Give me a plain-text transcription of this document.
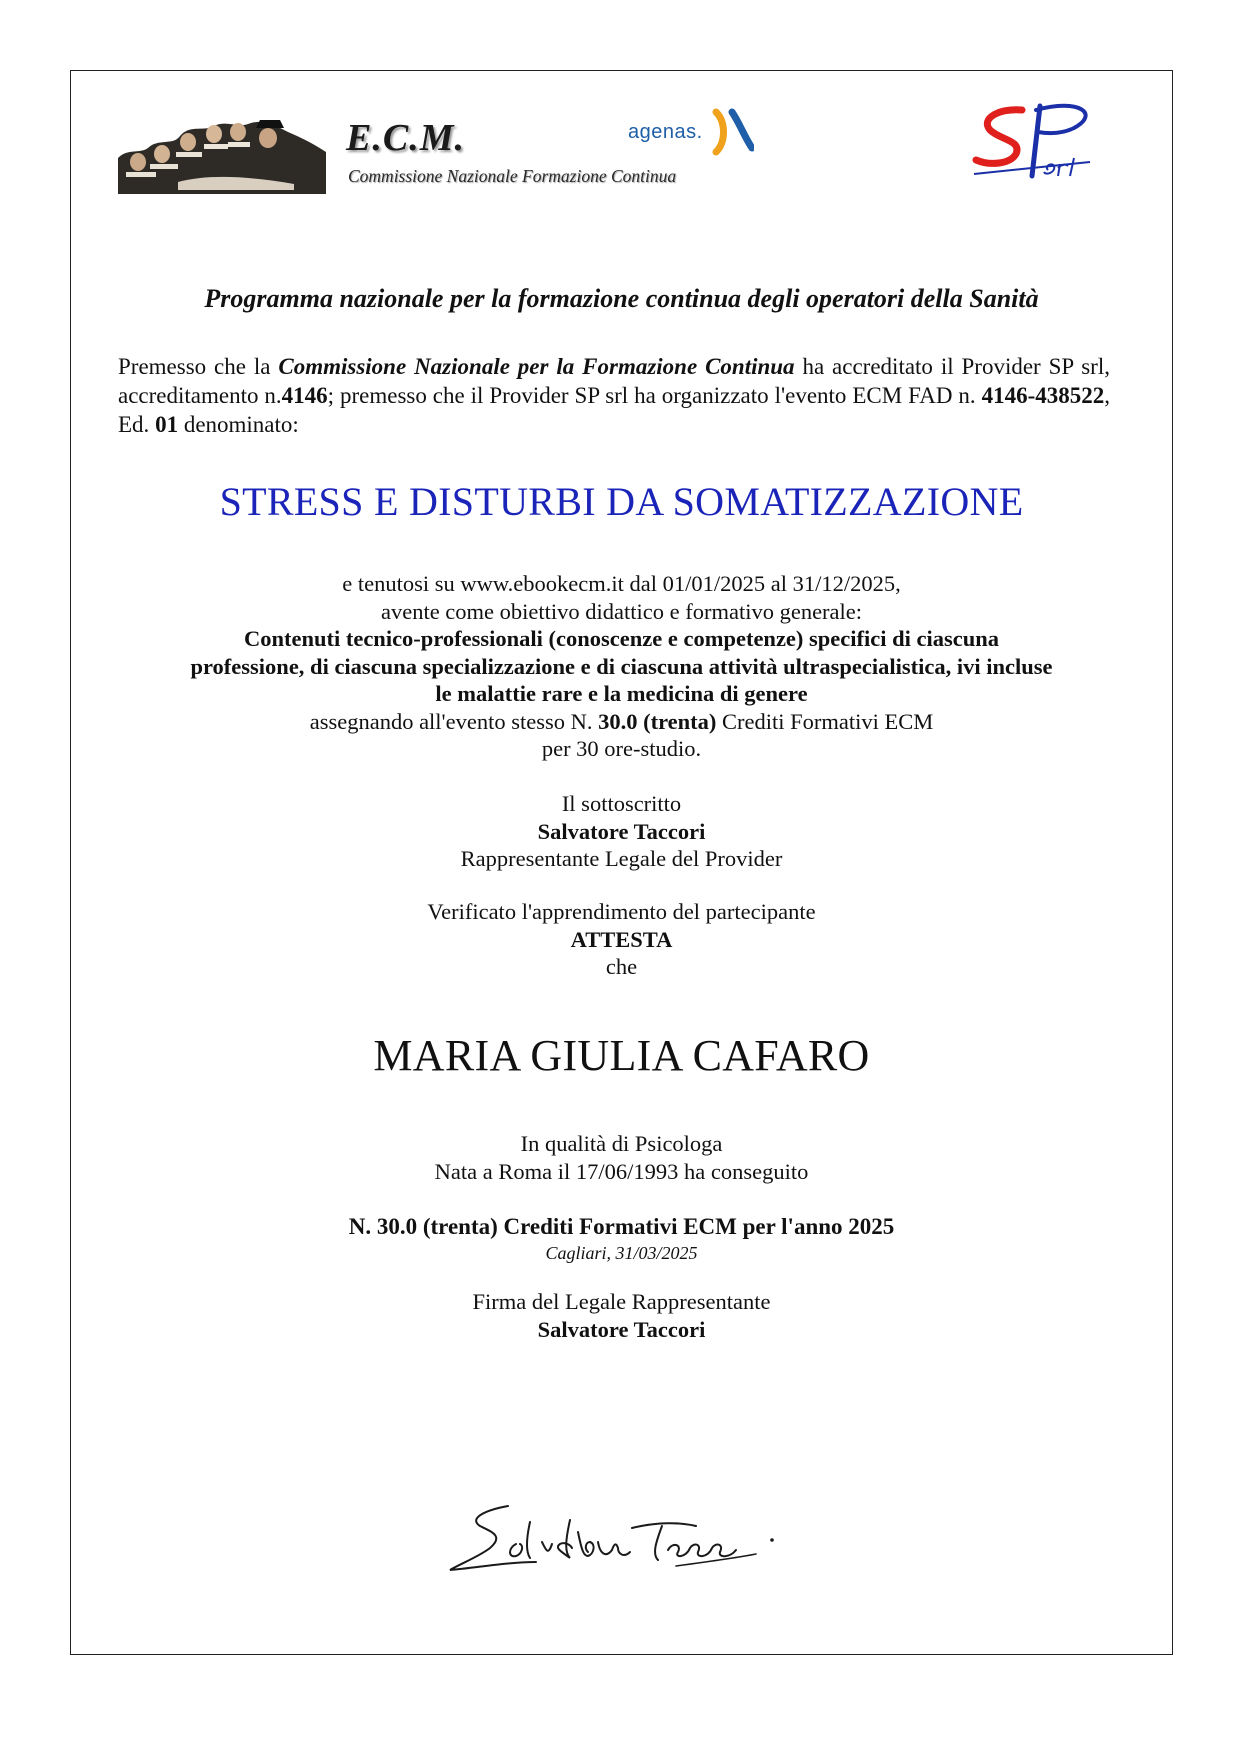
E.C.M.
Commissione Nazionale Formazione Continua
agenas.
Programma nazionale per la formazione continua degli operatori della Sanità
Premesso che la Commissione Nazionale per la Formazione Continua ha accreditato il Provider SP srl, accreditamento n.4146; premesso che il Provider SP srl ha organizzato l'evento ECM FAD n. 4146-438522, Ed. 01 denominato:
STRESS E DISTURBI DA SOMATIZZAZIONE
e tenutosi su www.ebookecm.it dal 01/01/2025 al 31/12/2025,
avente come obiettivo didattico e formativo generale:
Contenuti tecnico-professionali (conoscenze e competenze) specifici di ciascuna professione, di ciascuna specializzazione e di ciascuna attività ultraspecialistica, ivi incluse le malattie rare e la medicina di genere
assegnando all'evento stesso N. 30.0 (trenta) Crediti Formativi ECM
per 30 ore-studio.
Il sottoscritto
Salvatore Taccori
Rappresentante Legale del Provider
Verificato l'apprendimento del partecipante
ATTESTA
che
MARIA GIULIA CAFARO
In qualità di Psicologa
Nata a Roma il 17/06/1993 ha conseguito
N. 30.0 (trenta) Crediti Formativi ECM per l'anno 2025
Cagliari, 31/03/2025
Firma del Legale Rappresentante
Salvatore Taccori
